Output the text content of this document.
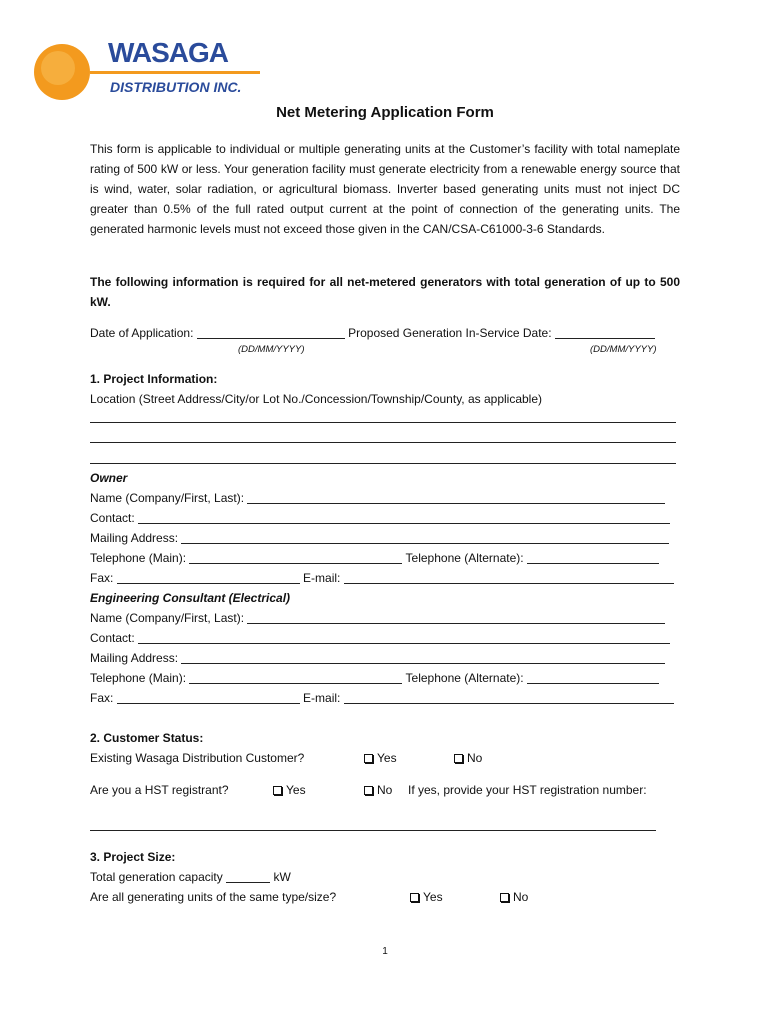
WASAGA
DISTRIBUTION INC.
Net Metering Application Form
This form is applicable to individual or multiple generating units at the Customer’s facility with total nameplate rating of 500 kW or less. Your generation facility must generate electricity from a renewable energy source that is wind, water, solar radiation, or agricultural biomass. Inverter based generating units must not inject DC greater than 0.5% of the full rated output current at the point of connection of the generating units. The generated harmonic levels must not exceed those given in the CAN/CSA-C61000-3-6 Standards.
The following information is required for all net-metered generators with total generation of up to 500 kW.
Date of Application:	Proposed Generation In-Service Date:
(DD/MM/YYYY)	(DD/MM/YYYY)
1. Project Information:
Location (Street Address/City/or Lot No./Concession/Township/County, as applicable)
Owner
Name (Company/First, Last):
Contact:
Mailing Address:
Telephone (Main):	Telephone (Alternate):
Fax:	E-mail:
Engineering Consultant (Electrical)
Name (Company/First, Last):
Contact:
Mailing Address:
Telephone (Main):	Telephone (Alternate):
Fax:	E-mail:
2. Customer Status:
Existing Wasaga Distribution Customer?	Yes	No
Are you a HST registrant?	Yes	No If yes, provide your HST registration number:
3. Project Size:
Total generation capacity	kW
Are all generating units of the same type/size?	Yes	No
1
